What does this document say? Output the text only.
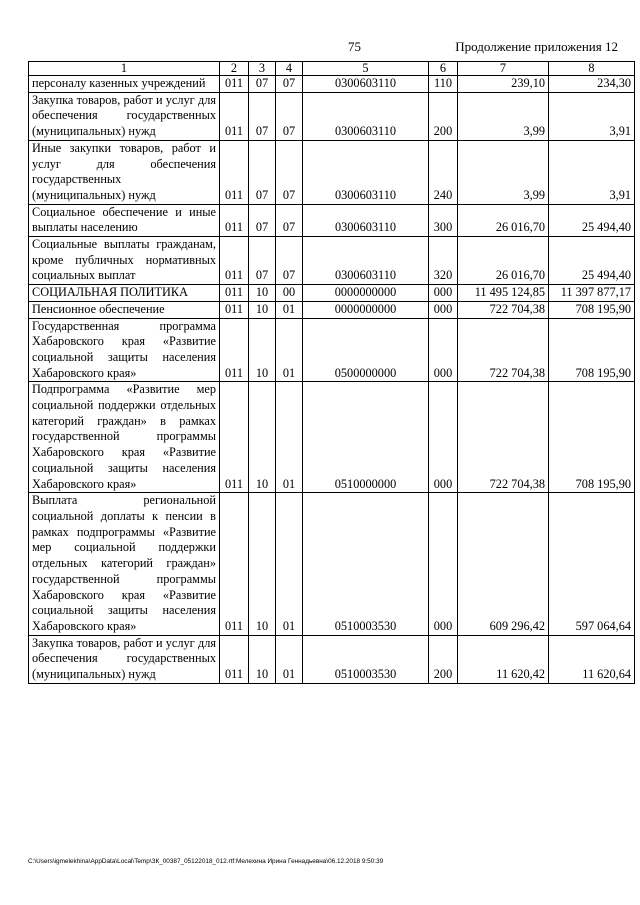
75	Продолжение приложения 12
1	2	3	4	5	6	7	8
персоналу казенных учреждений	011	07	07	0300603110	110	239,10	234,30
Закупка товаров, работ и услуг для обеспечения государственных (муниципальных) нужд	011	07	07	0300603110	200	3,99	3,91
Иные закупки товаров, работ и услуг для обеспечения государственных (муниципальных) нужд	011	07	07	0300603110	240	3,99	3,91
Социальное обеспечение и иные выплаты населению	011	07	07	0300603110	300	26 016,70	25 494,40
Социальные выплаты гражданам, кроме публичных нормативных социальных выплат	011	07	07	0300603110	320	26 016,70	25 494,40
СОЦИАЛЬНАЯ ПОЛИТИКА	011	10	00	0000000000	000	11 495 124,85	11 397 877,17
Пенсионное обеспечение	011	10	01	0000000000	000	722 704,38	708 195,90
Государственная программа Хабаровского края «Развитие социальной защиты населения Хабаровского края»	011	10	01	0500000000	000	722 704,38	708 195,90
Подпрограмма «Развитие мер социальной поддержки отдельных категорий граждан» в рамках государственной программы Хабаровского края «Развитие социальной защиты населения Хабаровского края»	011	10	01	0510000000	000	722 704,38	708 195,90
Выплата региональной социальной доплаты к пенсии в рамках подпрограммы «Развитие мер социальной поддержки отдельных категорий граждан» государственной программы Хабаровского края «Развитие социальной защиты населения Хабаровского края»	011	10	01	0510003530	000	609 296,42	597 064,64
Закупка товаров, работ и услуг для обеспечения государственных (муниципальных) нужд	011	10	01	0510003530	200	11 620,42	11 620,64
C:\Users\igmelekhina\AppData\Local\Temp\ЗК_00387_05122018_012.rtf:Мелехина Ирина Геннадьевна\06.12.2018 9:50:39
